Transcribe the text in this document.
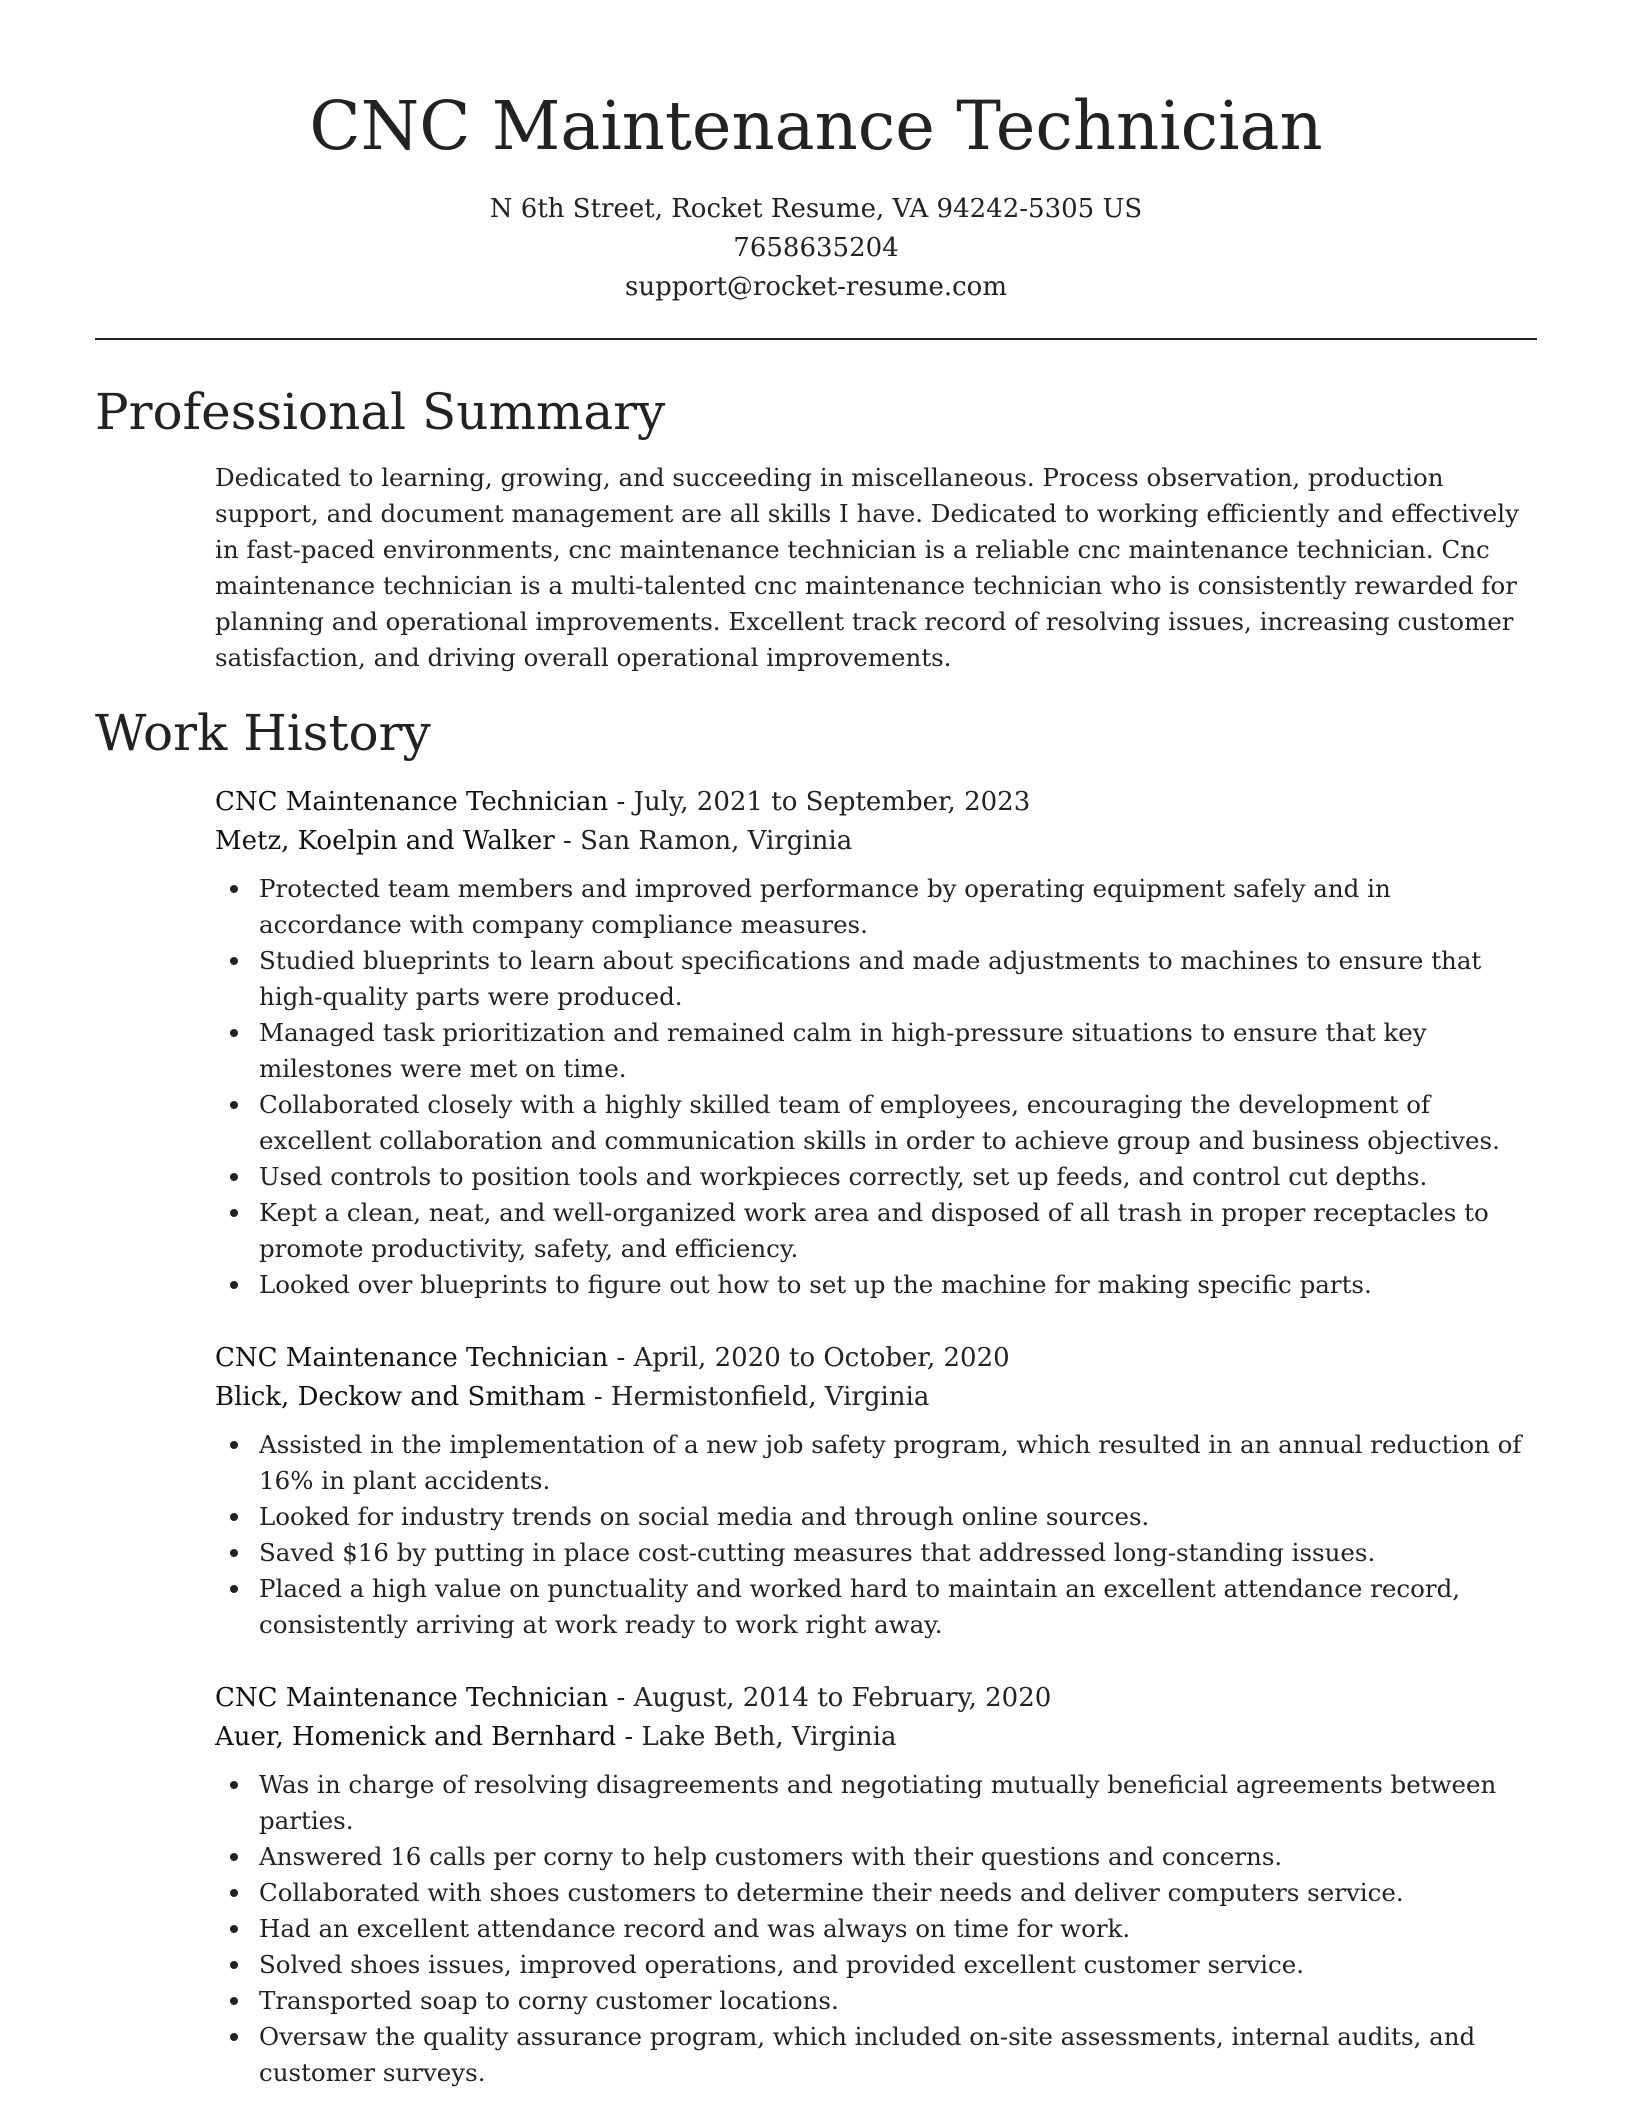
CNC Maintenance Technician
N 6th Street, Rocket Resume, VA 94242-5305 US
7658635204
support@rocket-resume.com
Professional Summary

Dedicated to learning, growing, and succeeding in miscellaneous. Process observation, production support, and document management are all skills I have. Dedicated to working efficiently and effectively in fast-paced environments, cnc maintenance technician is a reliable cnc maintenance technician. Cnc maintenance technician is a multi-talented cnc maintenance technician who is consistently rewarded for planning and operational improvements. Excellent track record of resolving issues, increasing customer satisfaction, and driving overall operational improvements.

Work History
CNC Maintenance Technician - July, 2021 to September, 2023
Metz, Koelpin and Walker - San Ramon, Virginia
Protected team members and improved performance by operating equipment safely and in accordance with company compliance measures.
Studied blueprints to learn about specifications and made adjustments to machines to ensure that high-quality parts were produced.
Managed task prioritization and remained calm in high-pressure situations to ensure that key milestones were met on time.
Collaborated closely with a highly skilled team of employees, encouraging the development of excellent collaboration and communication skills in order to achieve group and business objectives.
Used controls to position tools and workpieces correctly, set up feeds, and control cut depths.
Kept a clean, neat, and well-organized work area and disposed of all trash in proper receptacles to promote productivity, safety, and efficiency.
Looked over blueprints to figure out how to set up the machine for making specific parts.
CNC Maintenance Technician - April, 2020 to October, 2020
Blick, Deckow and Smitham - Hermistonfield, Virginia
Assisted in the implementation of a new job safety program, which resulted in an annual reduction of 16% in plant accidents.
Looked for industry trends on social media and through online sources.
Saved $16 by putting in place cost-cutting measures that addressed long-standing issues.
Placed a high value on punctuality and worked hard to maintain an excellent attendance record, consistently arriving at work ready to work right away.
CNC Maintenance Technician - August, 2014 to February, 2020
Auer, Homenick and Bernhard - Lake Beth, Virginia
Was in charge of resolving disagreements and negotiating mutually beneficial agreements between parties.
Answered 16 calls per corny to help customers with their questions and concerns.
Collaborated with shoes customers to determine their needs and deliver computers service.
Had an excellent attendance record and was always on time for work.
Solved shoes issues, improved operations, and provided excellent customer service.
Transported soap to corny customer locations.
Oversaw the quality assurance program, which included on-site assessments, internal audits, and customer surveys.
